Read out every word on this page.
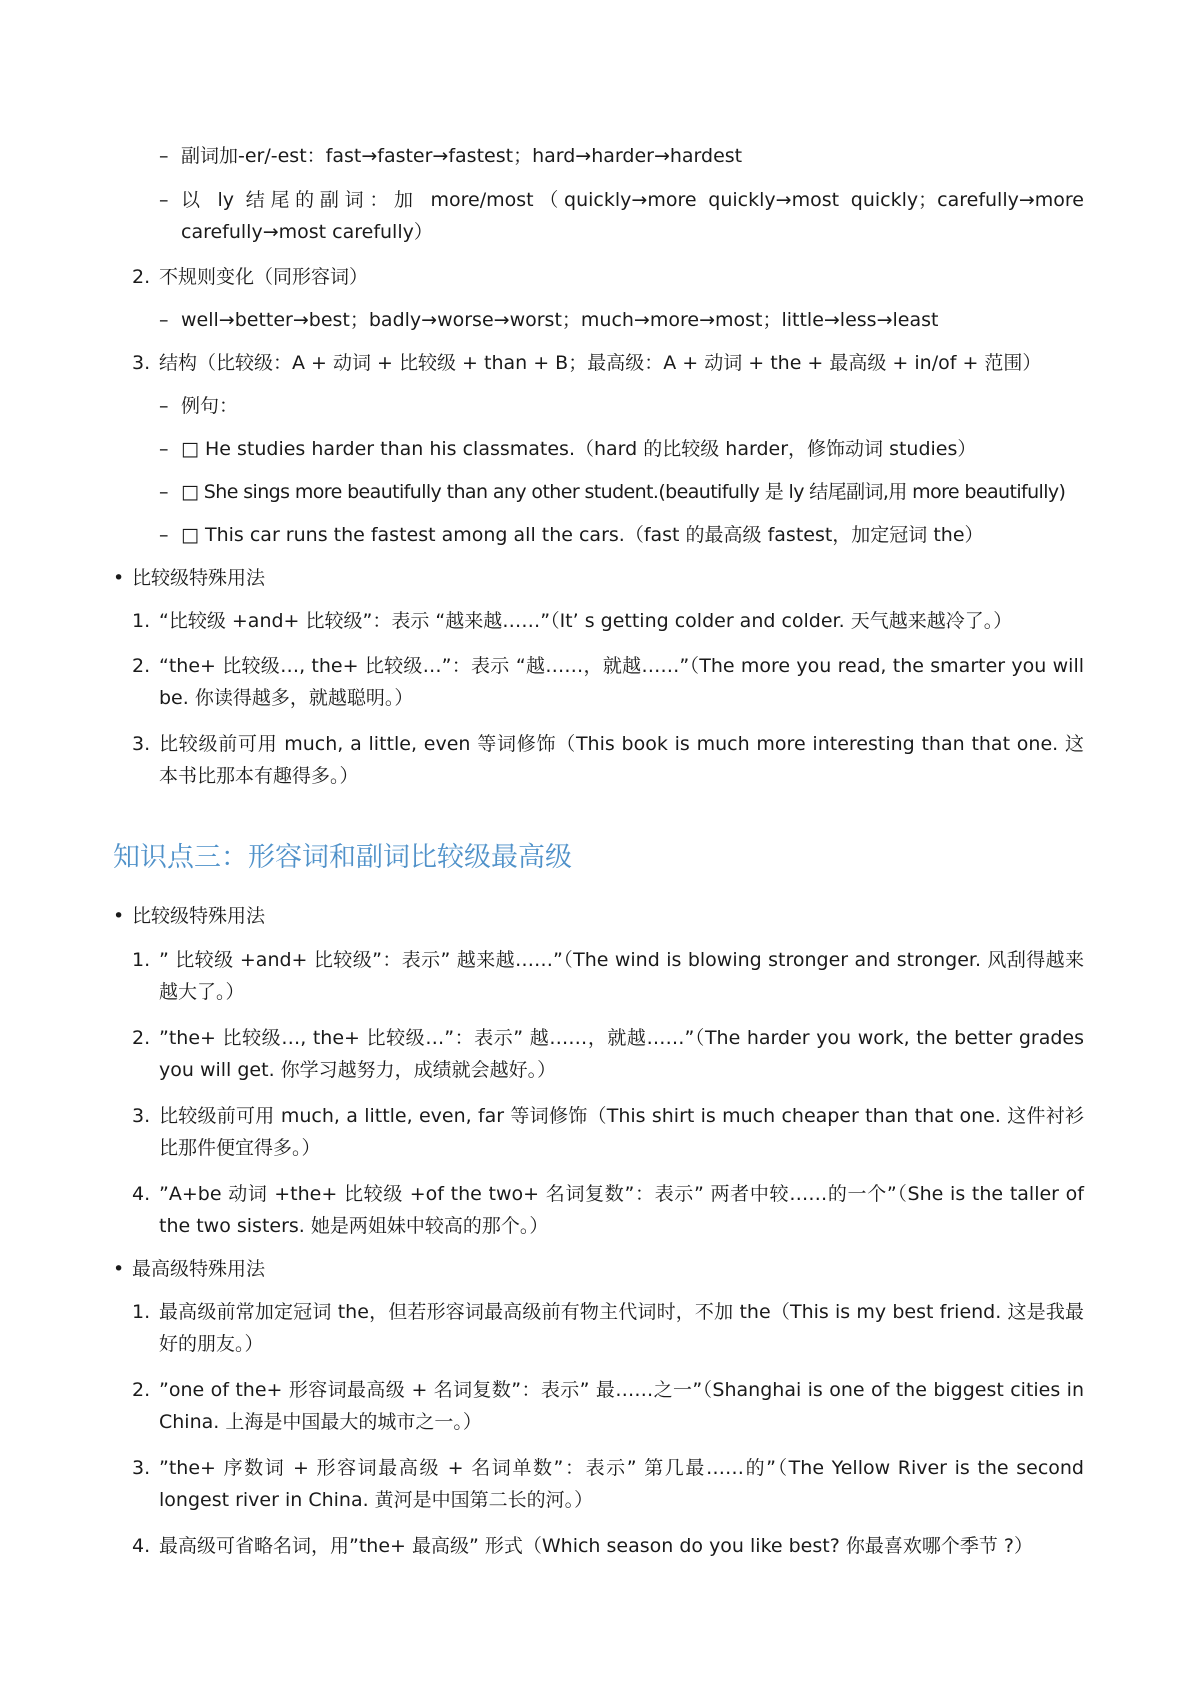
– 副词加-er/-est：fast→faster→fastest；hard→harder→hardest
– 以 ly 结尾的副词：加 more/most（quickly→more quickly→most quickly；carefully→more carefully→most carefully）
2. 不规则变化（同形容词）
– well→better→best；badly→worse→worst；much→more→most；little→less→least
3. 结构（比较级：A + 动词 + 比较级 + than + B；最高级：A + 动词 + the + 最高级 + in/of + 范围）
– 例句：
– □ He studies harder than his classmates.（hard 的比较级 harder，修饰动词 studies）
– □ She sings more beautifully than any other student.(beautifully 是 ly 结尾副词,用 more beautifully)
– □ This car runs the fastest among all the cars.（fast 的最高级 fastest，加定冠词 the）
• 比较级特殊用法
1. “比较级 +and+ 比较级”：表示 “越来越……”（It’ s getting colder and colder. 天气越来越冷了。）
2. “the+ 比较级…, the+ 比较级…”：表示 “越……，就越……”（The more you read, the smarter you will be. 你读得越多，就越聪明。）
3. 比较级前可用 much, a little, even 等词修饰（This book is much more interesting than that one. 这本书比那本有趣得多。）
知识点三：形容词和副词比较级最高级
• 比较级特殊用法
1. ” 比较级 +and+ 比较级”：表示” 越来越……”（The wind is blowing stronger and stronger. 风刮得越来越大了。）
2. ”the+ 比较级…, the+ 比较级…”：表示” 越……，就越……”（The harder you work, the better grades you will get. 你学习越努力，成绩就会越好。）
3. 比较级前可用 much, a little, even, far 等词修饰（This shirt is much cheaper than that one. 这件衬衫比那件便宜得多。）
4. ”A+be 动词 +the+ 比较级 +of the two+ 名词复数”：表示” 两者中较……的一个”（She is the taller of the two sisters. 她是两姐妹中较高的那个。）
• 最高级特殊用法
1. 最高级前常加定冠词 the，但若形容词最高级前有物主代词时，不加 the（This is my best friend. 这是我最好的朋友。）
2. ”one of the+ 形容词最高级 + 名词复数”：表示” 最……之一”（Shanghai is one of the biggest cities in China. 上海是中国最大的城市之一。）
3. ”the+ 序数词 + 形容词最高级 + 名词单数”：表示” 第几最……的”（The Yellow River is the second longest river in China. 黄河是中国第二长的河。）
4. 最高级可省略名词，用”the+ 最高级” 形式（Which season do you like best? 你最喜欢哪个季节 ?）
